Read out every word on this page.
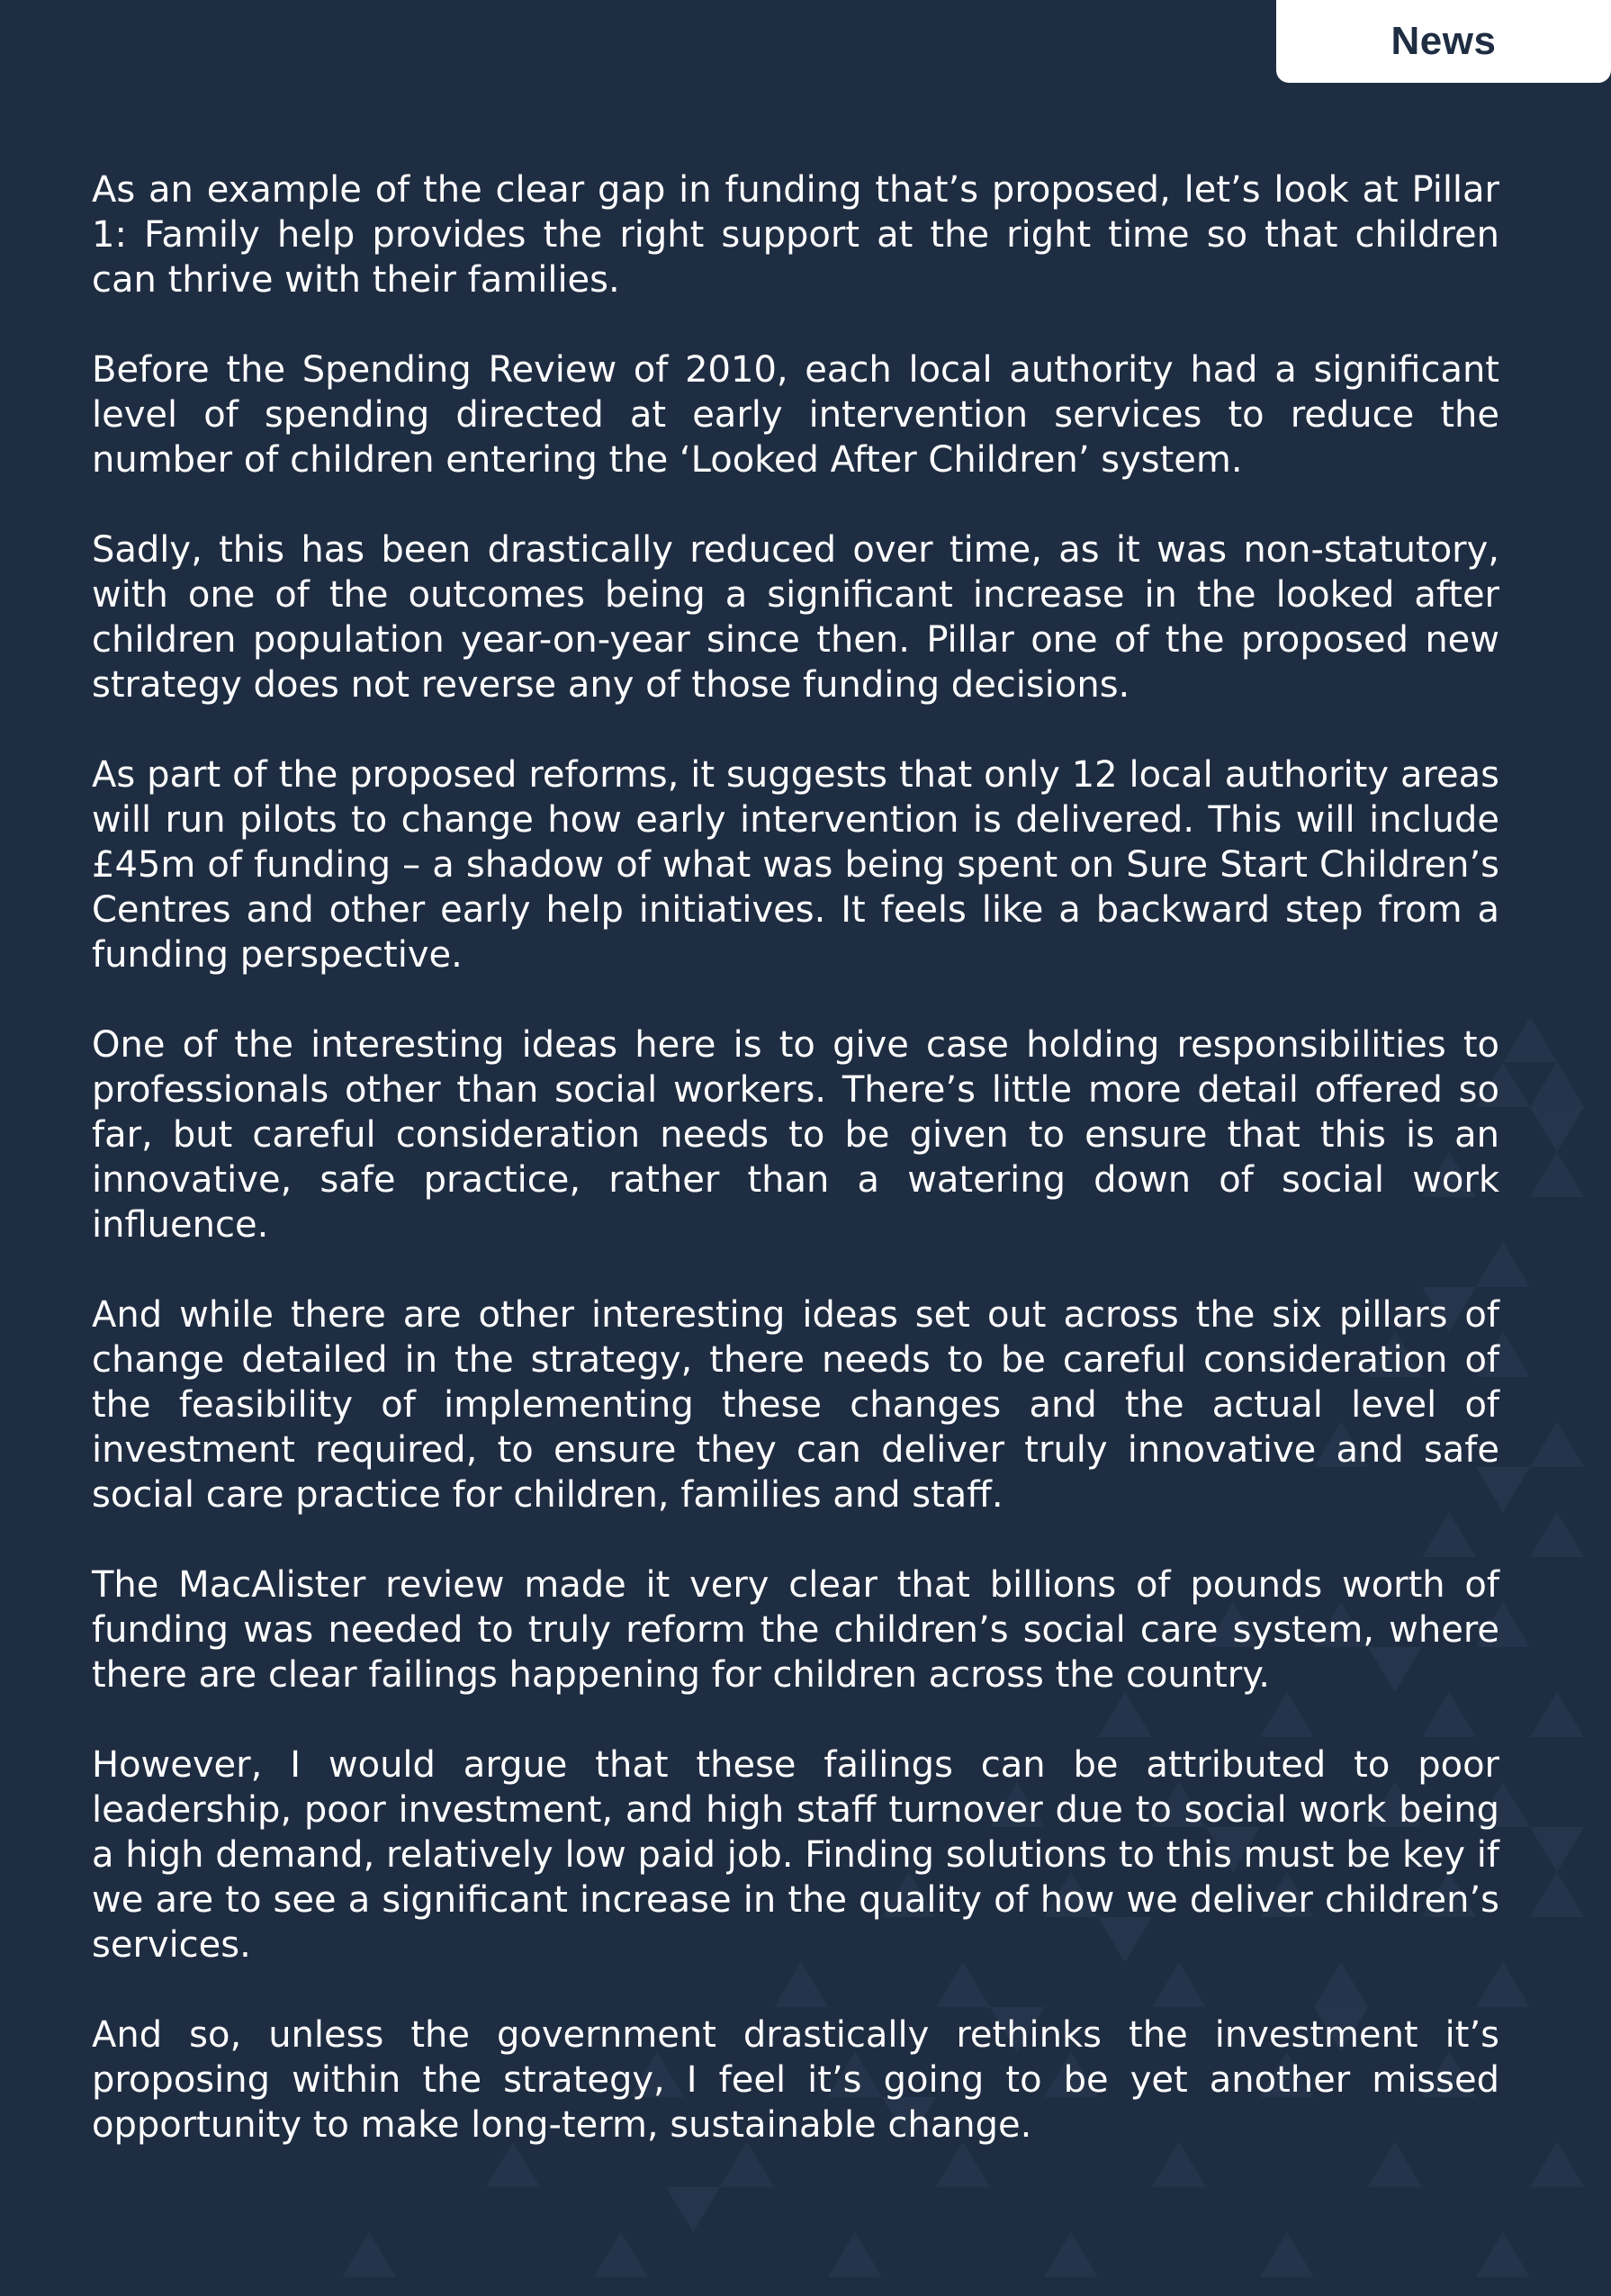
News

As an example of the clear gap in funding that’s proposed, let’s look at Pillar 1: Family help provides the right support at the right time so that children can thrive with their families.

Before the Spending Review of 2010, each local authority had a significant level of spending directed at early intervention services to reduce the number of children entering the ‘Looked After Children’ system.

Sadly, this has been drastically reduced over time, as it was non-statutory, with one of the outcomes being a significant increase in the looked after children population year-on-year since then. Pillar one of the proposed new strategy does not reverse any of those funding decisions.

As part of the proposed reforms, it suggests that only 12 local authority areas will run pilots to change how early intervention is delivered. This will include £45m of funding – a shadow of what was being spent on Sure Start Children’s Centres and other early help initiatives. It feels like a backward step from a funding perspective.

One of the interesting ideas here is to give case holding responsibilities to professionals other than social workers. There’s little more detail offered so far, but careful consideration needs to be given to ensure that this is an innovative, safe practice, rather than a watering down of social work influence.

And while there are other interesting ideas set out across the six pillars of change detailed in the strategy, there needs to be careful consideration of the feasibility of implementing these changes and the actual level of investment required, to ensure they can deliver truly innovative and safe social care practice for children, families and staff.

The MacAlister review made it very clear that billions of pounds worth of funding was needed to truly reform the children’s social care system, where there are clear failings happening for children across the country.

However, I would argue that these failings can be attributed to poor leadership, poor investment, and high staff turnover due to social work being a high demand, relatively low paid job. Finding solutions to this must be key if we are to see a significant increase in the quality of how we deliver children’s services.

And so, unless the government drastically rethinks the investment it’s proposing within the strategy, I feel it’s going to be yet another missed opportunity to make long-term, sustainable change.
